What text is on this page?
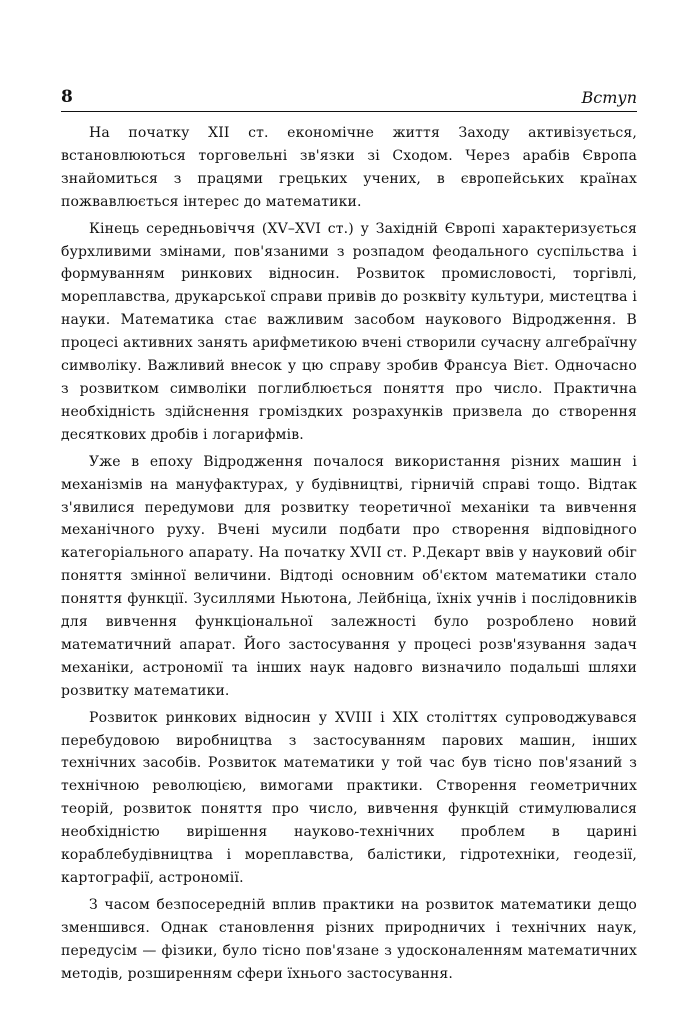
8	Вступ

На початку XII ст. економічне життя Заходу активізується, встановлюються торговельні зв'язки зі Сходом. Через арабів Європа знайомиться з працями грецьких учених, в європейських країнах пожвавлюється інтерес до математики.

Кінець середньовіччя (XV–XVI ст.) у Західній Європі характеризується бурхливими змінами, пов'язаними з розпадом феодального суспільства і формуванням ринкових відносин. Розвиток промисловості, торгівлі, мореплавства, друкарської справи привів до розквіту культури, мистецтва і науки. Математика стає важливим засобом наукового Відродження. В процесі активних занять арифметикою вчені створили сучасну алгебраїчну символіку. Важливий внесок у цю справу зробив Франсуа Вієт. Одночасно з розвитком символіки поглиблюється поняття про число. Практична необхідність здійснення громіздких розрахунків призвела до створення десяткових дробів і логарифмів.

Уже в епоху Відродження почалося використання різних машин і механізмів на мануфактурах, у будівництві, гірничій справі тощо. Відтак з'явилися передумови для розвитку теоретичної механіки та вивчення механічного руху. Вчені мусили подбати про створення відповідного категоріального апарату. На початку XVII ст. Р.Декарт ввів у науковий обіг поняття змінної величини. Відтоді основним об'єктом математики стало поняття функції. Зусиллями Ньютона, Лейбніца, їхніх учнів і послідовників для вивчення функціональної залежності було розроблено новий математичний апарат. Його застосування у процесі розв'язування задач механіки, астрономії та інших наук надовго визначило подальші шляхи розвитку математики.

Розвиток ринкових відносин у XVIII і XIX століттях супроводжувався перебудовою виробництва з застосуванням парових машин, інших технічних засобів. Розвиток математики у той час був тісно пов'язаний з технічною революцією, вимогами практики. Створення геометричних теорій, розвиток поняття про число, вивчення функцій стимулювалися необхідністю вирішення науково-технічних проблем в царині кораблебудівництва і мореплавства, балістики, гідротехніки, геодезії, картографії, астрономії.

З часом безпосередній вплив практики на розвиток математики дещо зменшився. Однак становлення різних природничих і технічних наук, передусім — фізики, було тісно пов'язане з удосконаленням математичних методів, розширенням сфери їхнього застосування.
